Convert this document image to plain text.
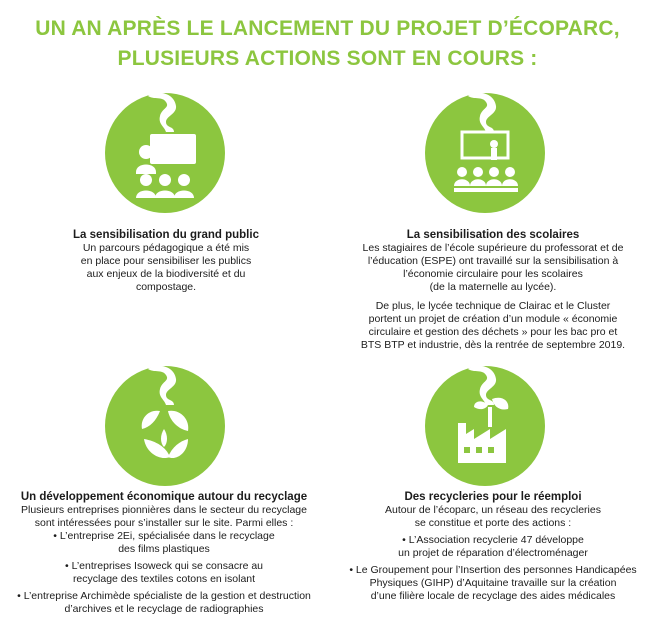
UN AN APRÈS LE LANCEMENT DU PROJET D’ÉCOPARC,
PLUSIEURS ACTIONS SONT EN COURS :
La sensibilisation du grand public
Un parcours pédagogique a été mis
en place pour sensibiliser les publics
aux enjeux de la biodiversité et du
compostage.
La sensibilisation des scolaires
Les stagiaires de l’école supérieure du professorat et de
l’éducation (ESPE) ont travaillé sur la sensibilisation à
l’économie circulaire pour les scolaires
(de la maternelle au lycée).
De plus, le lycée technique de Clairac et le Cluster
portent un projet de création d’un module « économie
circulaire et gestion des déchets » pour les bac pro et
BTS BTP et industrie, dès la rentrée de septembre 2019.
Un développement économique autour du recyclage
Plusieurs entreprises pionnières dans le secteur du recyclage
sont intéressées pour s’installer sur le site. Parmi elles :
• L’entreprise 2Ei, spécialisée dans le recyclage
des films plastiques
• L’entreprises Isoweck qui se consacre au
recyclage des textiles cotons en isolant
• L’entreprise Archimède spécialiste de la gestion et destruction
d’archives et le recyclage de radiographies
Des recycleries pour le réemploi
Autour de l’écoparc, un réseau des recycleries
se constitue et porte des actions :
• L’Association recyclerie 47 développe
un projet de réparation d’électroménager
• Le Groupement pour l’Insertion des personnes Handicapées
Physiques (GIHP) d’Aquitaine travaille sur la création
d’une filière locale de recyclage des aides médicales
